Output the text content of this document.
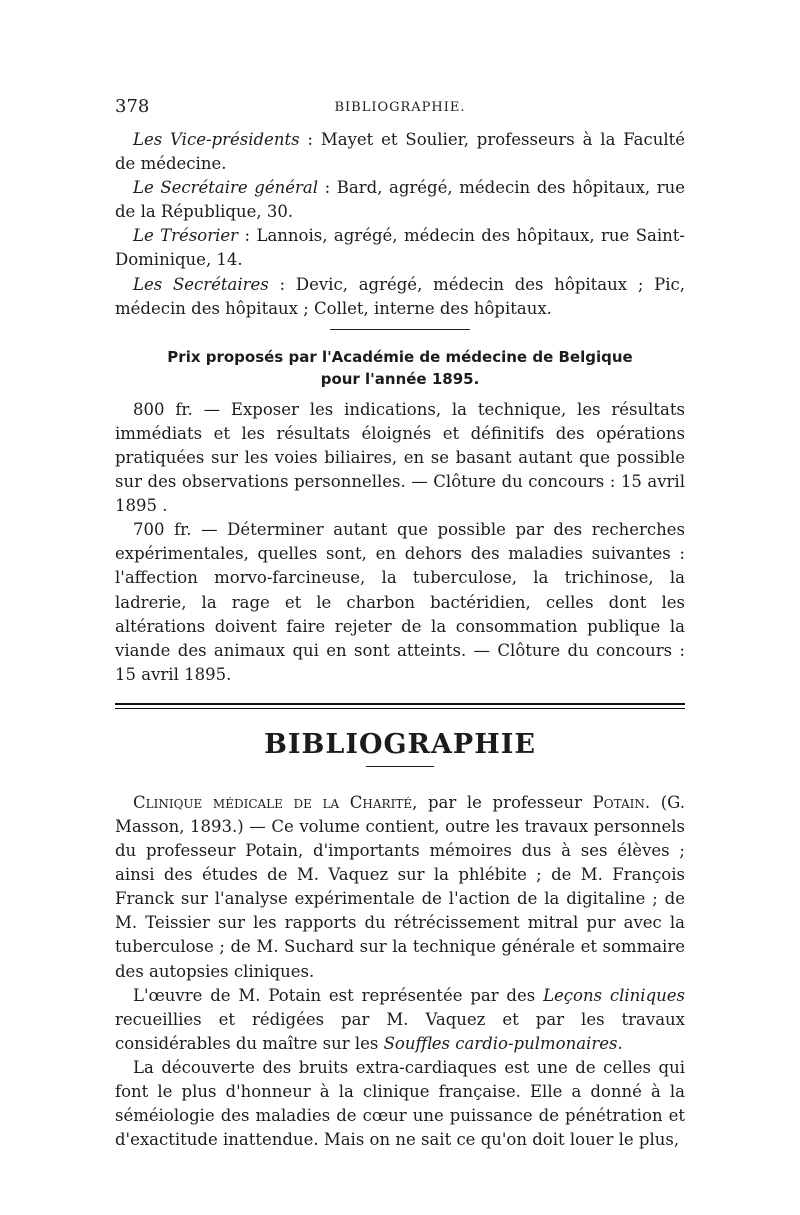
378	BIBLIOGRAPHIE.

Les Vice-présidents : Mayet et Soulier, professeurs à la Faculté de médecine.

Le Secrétaire général : Bard, agrégé, médecin des hôpitaux, rue de la République, 30.

Le Trésorier : Lannois, agrégé, médecin des hôpitaux, rue Saint-Dominique, 14.

Les Secrétaires : Devic, agrégé, médecin des hôpitaux ; Pic, médecin des hôpitaux ; Collet, interne des hôpitaux.

Prix proposés par l'Académie de médecine de Belgique
pour l'année 1895.

800 fr. — Exposer les indications, la technique, les résultats immédiats et les résultats éloignés et définitifs des opérations pratiquées sur les voies biliaires, en se basant autant que possible sur des observations personnelles. — Clôture du concours : 15 avril 1895 .

700 fr. — Déterminer autant que possible par des recherches expérimentales, quelles sont, en dehors des maladies suivantes : l'affection morvo-farcineuse, la tuberculose, la trichinose, la ladrerie, la rage et le charbon bactéridien, celles dont les altérations doivent faire rejeter de la consommation publique la viande des animaux qui en sont atteints. — Clôture du concours : 15 avril 1895.

BIBLIOGRAPHIE

Clinique médicale de la Charité, par le professeur Potain. (G. Masson, 1893.) — Ce volume contient, outre les travaux personnels du professeur Potain, d'importants mémoires dus à ses élèves ; ainsi des études de M. Vaquez sur la phlébite ; de M. François Franck sur l'analyse expérimentale de l'action de la digitaline ; de M. Teissier sur les rapports du rétrécissement mitral pur avec la tuberculose ; de M. Suchard sur la technique générale et sommaire des autopsies cliniques.

L'œuvre de M. Potain est représentée par des Leçons cliniques recueillies et rédigées par M. Vaquez et par les travaux considérables du maître sur les Souffles cardio-pulmonaires.

La découverte des bruits extra-cardiaques est une de celles qui font le plus d'honneur à la clinique française. Elle a donné à la séméiologie des maladies de cœur une puissance de pénétration et d'exactitude inattendue. Mais on ne sait ce qu'on doit louer le plus,
